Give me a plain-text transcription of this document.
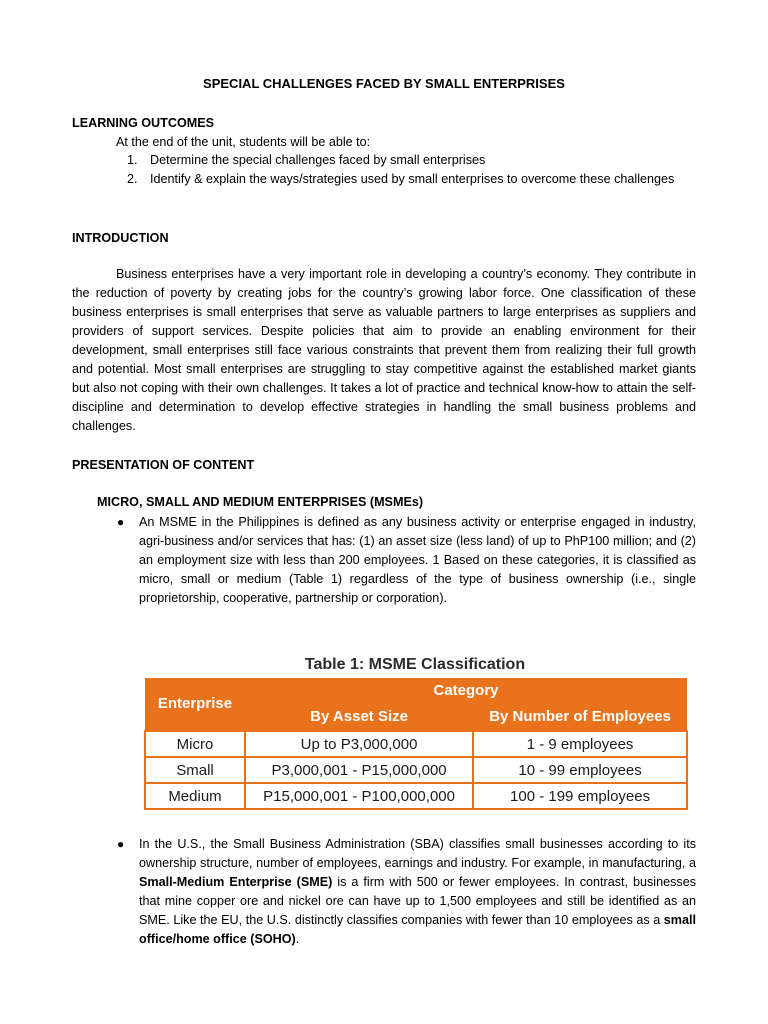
SPECIAL CHALLENGES FACED BY SMALL ENTERPRISES
LEARNING OUTCOMES
At the end of the unit, students will be able to:
1. Determine the special challenges faced by small enterprises
2. Identify & explain the ways/strategies used by small enterprises to overcome these challenges
INTRODUCTION
Business enterprises have a very important role in developing a country’s economy. They contribute in the reduction of poverty by creating jobs for the country’s growing labor force. One classification of these business enterprises is small enterprises that serve as valuable partners to large enterprises as suppliers and providers of support services. Despite policies that aim to provide an enabling environment for their development, small enterprises still face various constraints that prevent them from realizing their full growth and potential. Most small enterprises are struggling to stay competitive against the established market giants but also not coping with their own challenges. It takes a lot of practice and technical know-how to attain the self-discipline and determination to develop effective strategies in handling the small business problems and challenges.
PRESENTATION OF CONTENT
MICRO, SMALL AND MEDIUM ENTERPRISES (MSMEs)
● An MSME in the Philippines is defined as any business activity or enterprise engaged in industry, agri-business and/or services that has: (1) an asset size (less land) of up to PhP100 million; and (2) an employment size with less than 200 employees. 1 Based on these categories, it is classified as micro, small or medium (Table 1) regardless of the type of business ownership (i.e., single proprietorship, cooperative, partnership or corporation).
Table 1: MSME Classification
Enterprise	Category	
	By Asset Size	By Number of Employees
Micro	Up to P3,000,000	1 - 9 employees
Small	P3,000,001 - P15,000,000	10 - 99 employees
Medium	P15,000,001 - P100,000,000	100 - 199 employees
● In the U.S., the Small Business Administration (SBA) classifies small businesses according to its ownership structure, number of employees, earnings and industry. For example, in manufacturing, a Small-Medium Enterprise (SME) is a firm with 500 or fewer employees. In contrast, businesses that mine copper ore and nickel ore can have up to 1,500 employees and still be identified as an SME. Like the EU, the U.S. distinctly classifies companies with fewer than 10 employees as a small office/home office (SOHO).
